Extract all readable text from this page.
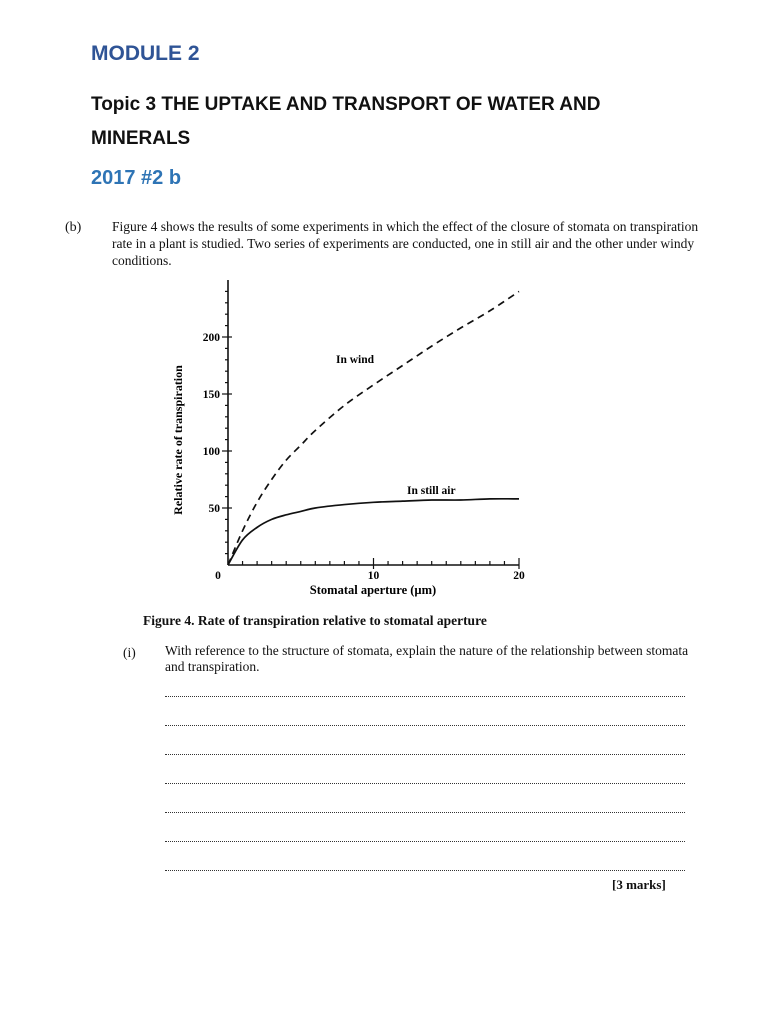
MODULE 2
Topic 3 THE UPTAKE AND TRANSPORT OF WATER AND MINERALS
2017 #2 b
(b) Figure 4 shows the results of some experiments in which the effect of the closure of stomata on transpiration rate in a plant is studied. Two series of experiments are conducted, one in still air and the other under windy conditions.
50
100
150
200
0	10	20
Relative rate of transpiration
Stomatal aperture (µm)
In wind
In still air
Figure 4. Rate of transpiration relative to stomatal aperture
(i) With reference to the structure of stomata, explain the nature of the relationship between stomata and transpiration.
[3 marks]
